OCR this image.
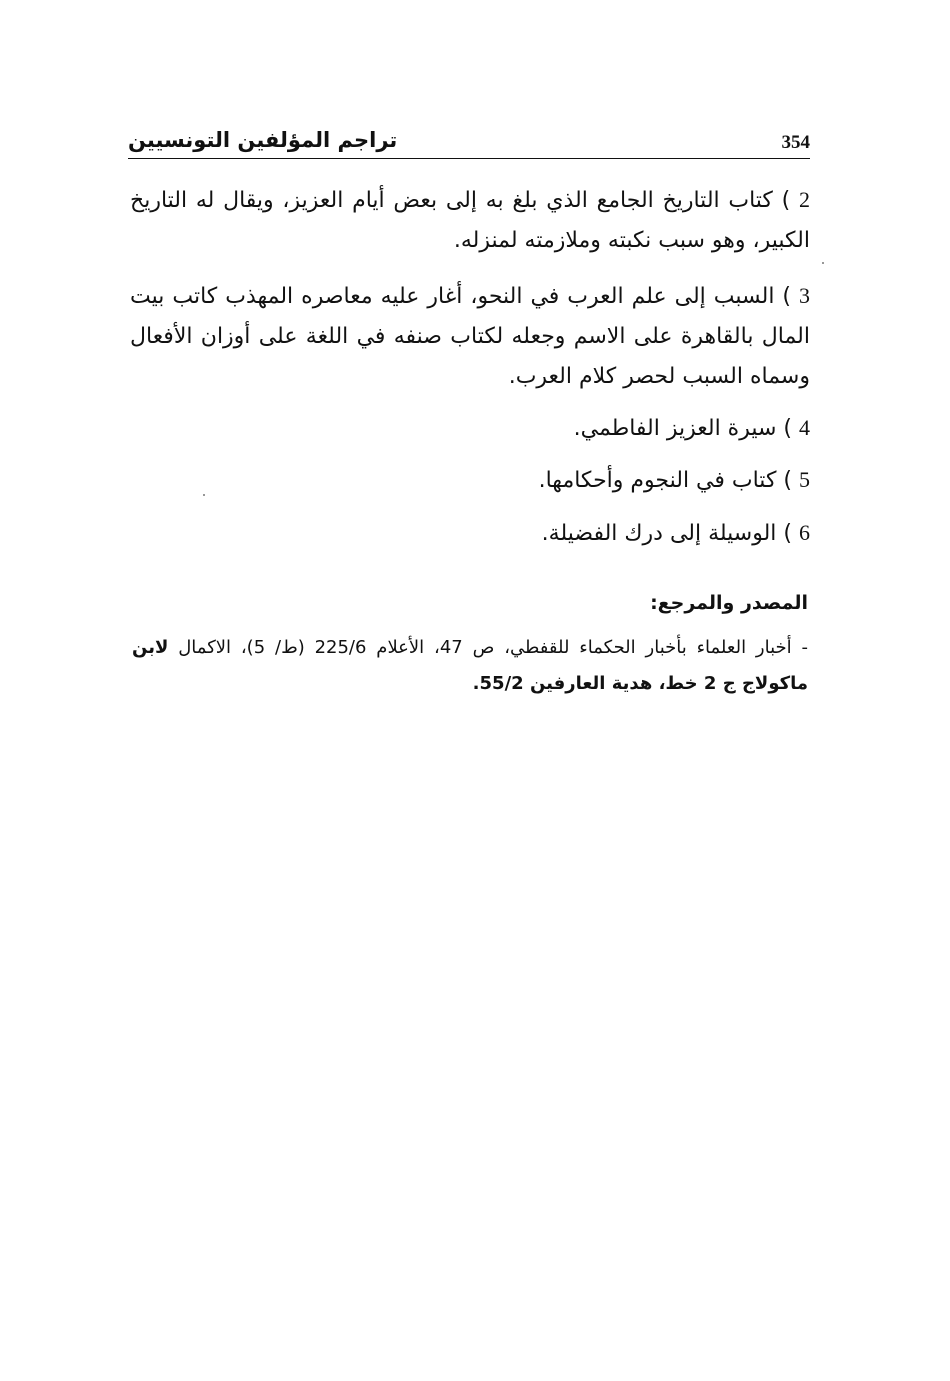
تراجم المؤلفين التونسيين	354
2 ) كتاب التاريخ الجامع الذي بلغ به إلى بعض أيام العزيز، ويقال له التاريخ الكبير، وهو سبب نكبته وملازمته لمنزله.
3 ) السبب إلى علم العرب في النحو، أغار عليه معاصره المهذب كاتب بيت المال بالقاهرة على الاسم وجعله لكتاب صنفه في اللغة على أوزان الأفعال وسماه السبب لحصر كلام العرب.
4 ) سيرة العزيز الفاطمي.
5 ) كتاب في النجوم وأحكامها.
6 ) الوسيلة إلى درك الفضيلة.
المصدر والمرجع:
- أخبار العلماء بأخبار الحكماء للقفطي، ص 47، الأعلام 225/6 (ط/ 5)، الاكمال لابن ماكولاج ج 2 خط، هدية العارفين 55/2.
